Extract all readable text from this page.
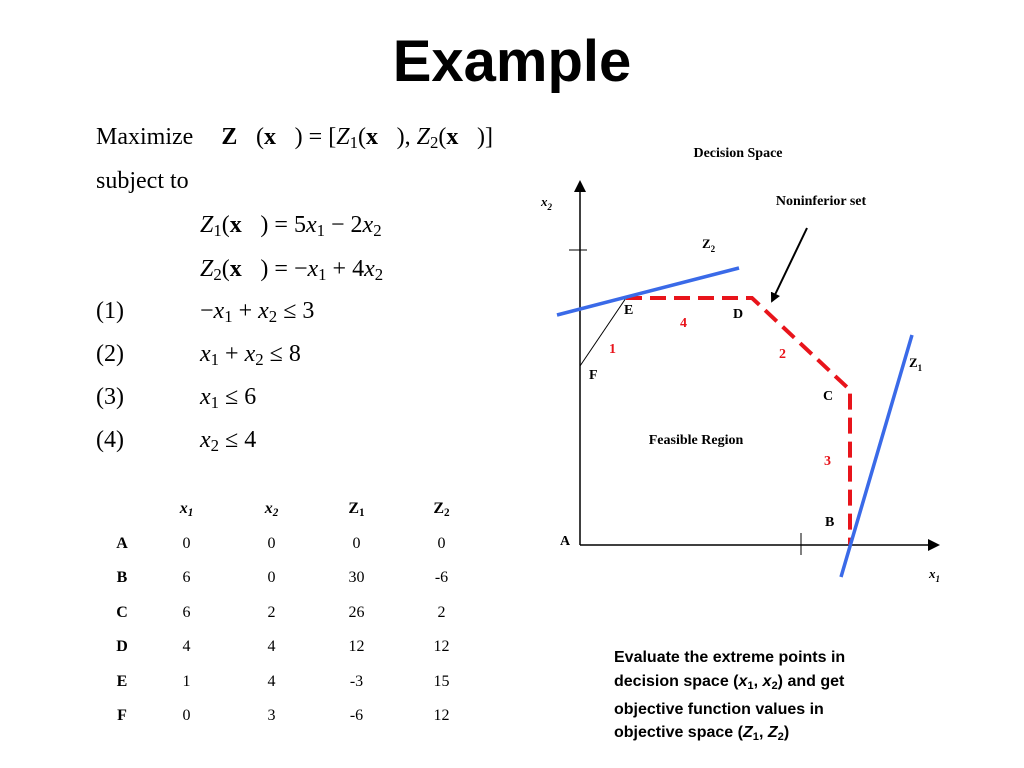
Example
Maximize Z⃗(x⃗) = [$Z_1(x⃗)$, $Z_2(x⃗)$]
subject to
$Z_1(x⃗) = 5x_1 - 2x_2$
$Z_2(x⃗) = -x_1 + 4x_2$
(1)	$-x_1 + x_2 \le 3$
(2)	$x_1 + x_2 \le 8$
(3)	$x_1 \le 6$
(4)	$x_2 \le 4$
	$x_1$	$x_2$	$Z_1$	$Z_2$
A	0	0	0	0
B	6	0	30	-6
C	6	2	26	2
D	4	4	12	12
E	1	4	-3	15
F	0	3	-6	12
Decision Space
Noninferior set
Feasible Region
$x_2$
$x_1$
$Z_2$
$Z_1$
A
B
C
D
E
F
1	2
3
4
Evaluate the extreme points in
decision space ($x_1$, $x_2$) and get
objective function values in
objective space ($Z_1$, $Z_2$)
